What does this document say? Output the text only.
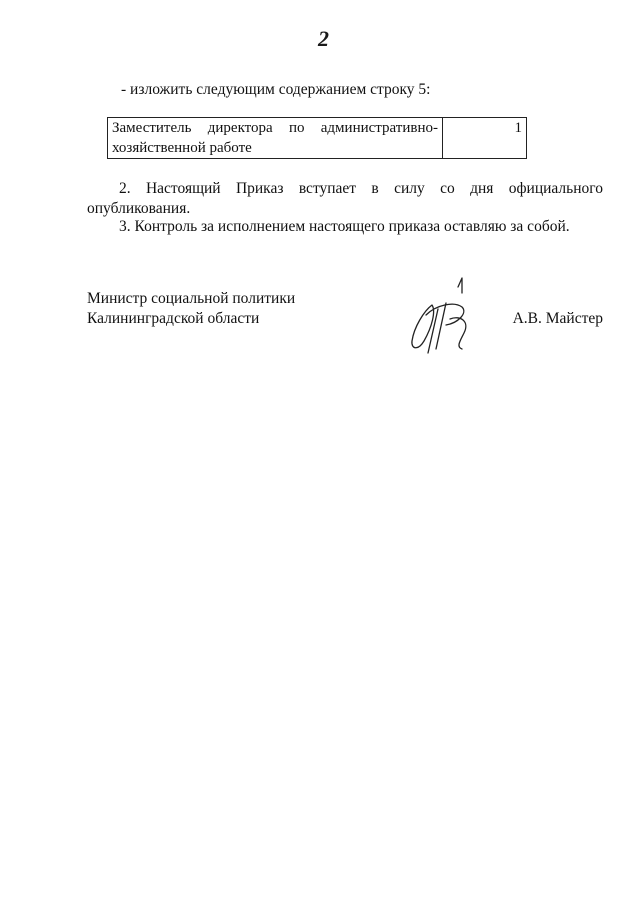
2
- изложить следующим содержанием строку 5:
Заместитель директора по административно-хозяйственной работе	1
2. Настоящий Приказ вступает в силу со дня официального опубликования.
3. Контроль за исполнением настоящего приказа оставляю за собой.
Министр социальной политики
Калининградской области	А.В. Майстер
